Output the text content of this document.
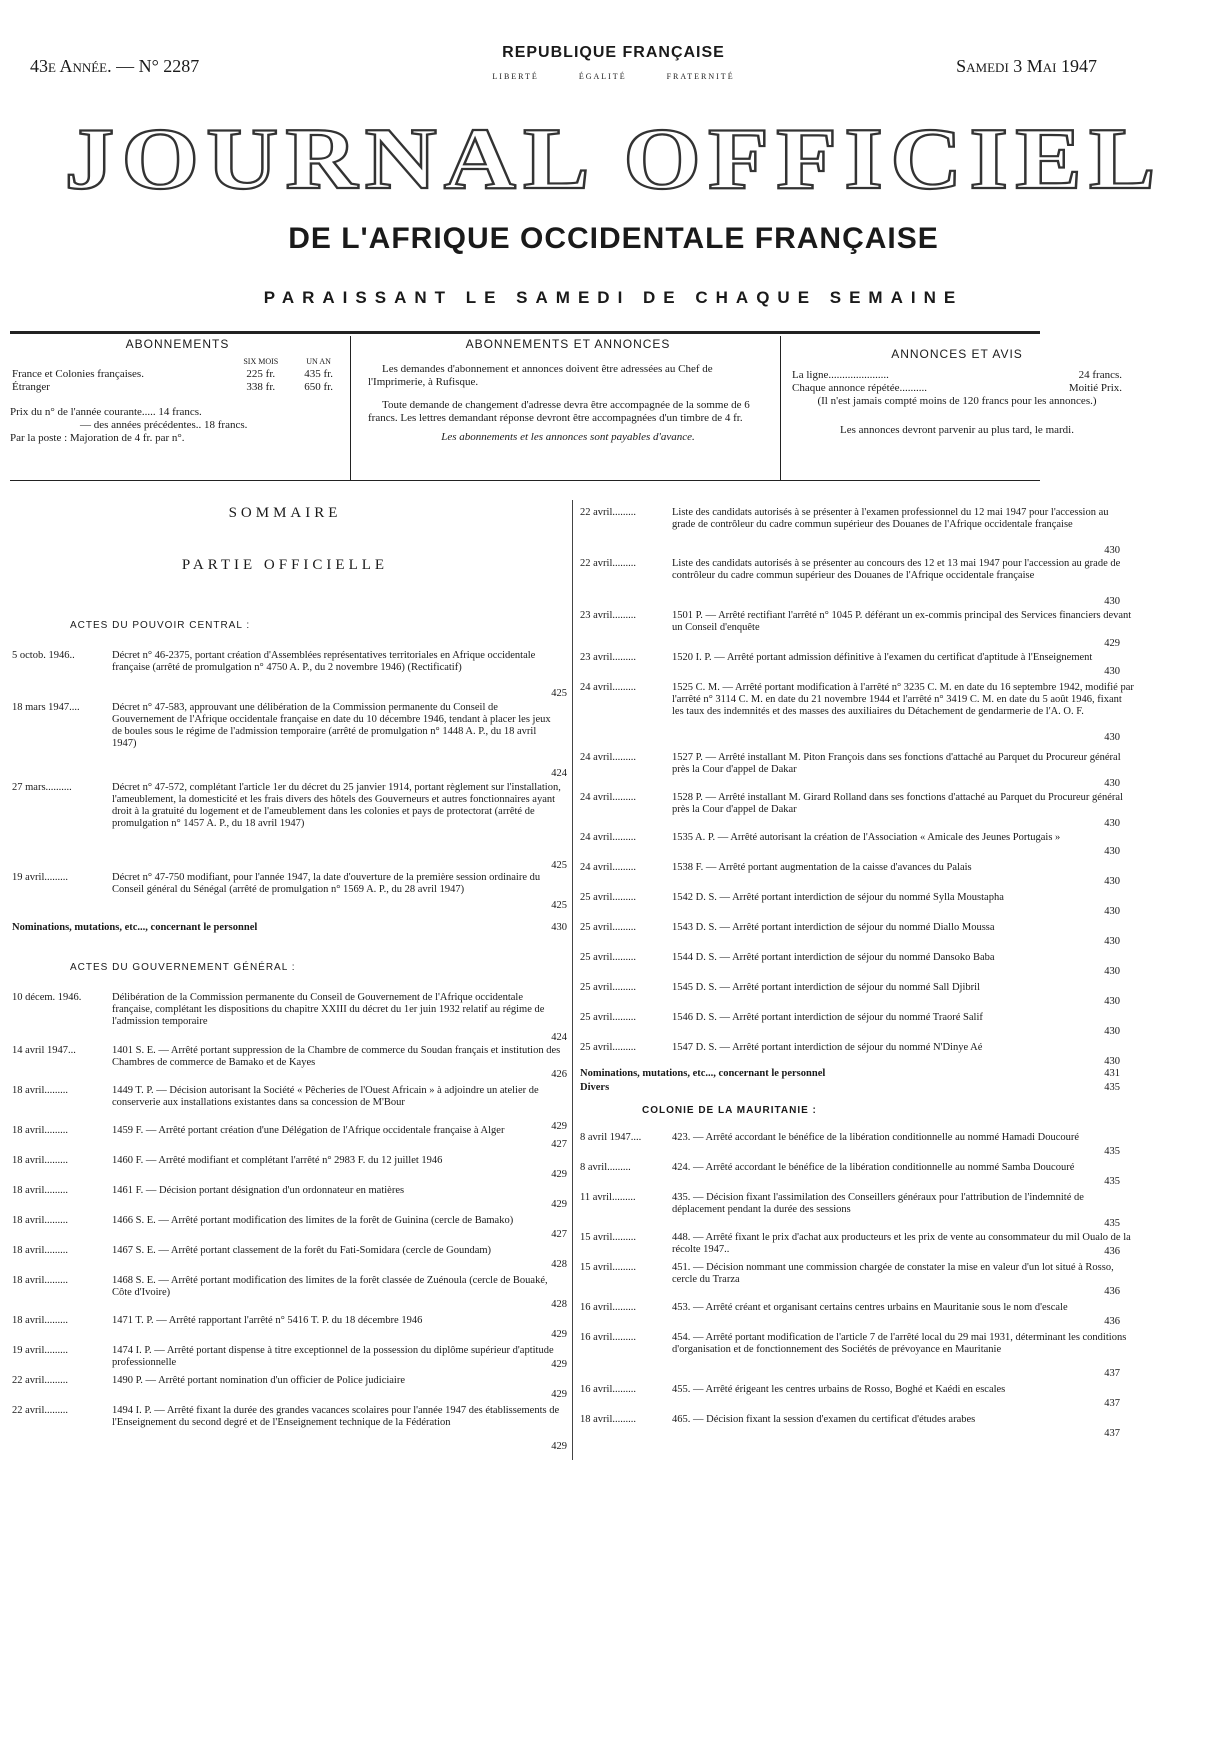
43e Année. — N° 2287
REPUBLIQUE FRANÇAISE
LIBERTÉ	ÉGALITÉ	FRATERNITÉ
Samedi 3 Mai 1947
JOURNAL OFFICIEL
DE L'AFRIQUE OCCIDENTALE FRANÇAISE
PARAISSANT LE SAMEDI DE CHAQUE SEMAINE
ABONNEMENTS
	SIX MOIS	UN AN
France et Colonies françaises.	225 fr.	435 fr.
Étranger	338 fr.	650 fr.
Prix du n° de l'année courante..... 14 francs.
— des années précédentes.. 18 francs.
Par la poste : Majoration de 4 fr. par n°.
ABONNEMENTS ET ANNONCES
Les demandes d'abonnement et annonces doivent être adressées au Chef de l'Imprimerie, à Rufisque.
Toute demande de changement d'adresse devra être accompagnée de la somme de 6 francs. Les lettres demandant réponse devront être accompagnées d'un timbre de 4 fr.
Les abonnements et les annonces sont payables d'avance.
ANNONCES ET AVIS
La ligne......................	24 francs.
Chaque annonce répétée..........	Moitié Prix.
(Il n'est jamais compté moins de 120 francs pour les annonces.)
Les annonces devront parvenir au plus tard, le mardi.
SOMMAIRE
PARTIE OFFICIELLE
ACTES DU POUVOIR CENTRAL :
ACTES DU GOUVERNEMENT GÉNÉRAL :
COLONIE DE LA MAURITANIE :
5 octob. 1946..	Décret n° 46-2375, portant création d'Assemblées représentatives territoriales en Afrique occidentale française (arrêté de promulgation n° 4750 A. P., du 2 novembre 1946) (Rectificatif)
425
18 mars 1947....	Décret n° 47-583, approuvant une délibération de la Commission permanente du Conseil de Gouvernement de l'Afrique occidentale française en date du 10 décembre 1946, tendant à placer les jeux de boules sous le régime de l'admission temporaire (arrêté de promulgation n° 1448 A. P., du 18 avril 1947)
424
27 mars..........	Décret n° 47-572, complétant l'article 1er du décret du 25 janvier 1914, portant règlement sur l'installation, l'ameublement, la domesticité et les frais divers des hôtels des Gouverneurs et autres fonctionnaires ayant droit à la gratuité du logement et de l'ameublement dans les colonies et pays de protectorat (arrêté de promulgation n° 1457 A. P., du 18 avril 1947)
425
19 avril.........	Décret n° 47-750 modifiant, pour l'année 1947, la date d'ouverture de la première session ordinaire du Conseil général du Sénégal (arrêté de promulgation n° 1569 A. P., du 28 avril 1947)
425
Nominations, mutations, etc..., concernant le personnel	430
10 décem. 1946.	Délibération de la Commission permanente du Conseil de Gouvernement de l'Afrique occidentale française, complétant les dispositions du chapitre XXIII du décret du 1er juin 1932 relatif au régime de l'admission temporaire
424
14 avril 1947...	1401 S. E. — Arrêté portant suppression de la Chambre de commerce du Soudan français et institution des Chambres de commerce de Bamako et de Kayes
426
18 avril.........	1449 T. P. — Décision autorisant la Société « Pêcheries de l'Ouest Africain » à adjoindre un atelier de conserverie aux installations existantes dans sa concession de M'Bour
429
18 avril.........	1459 F. — Arrêté portant création d'une Délégation de l'Afrique occidentale française à Alger
427
18 avril.........	1460 F. — Arrêté modifiant et complétant l'arrêté n° 2983 F. du 12 juillet 1946
429
18 avril.........	1461 F. — Décision portant désignation d'un ordonnateur en matières
429
18 avril.........	1466 S. E. — Arrêté portant modification des limites de la forêt de Guinina (cercle de Bamako)
427
18 avril.........	1467 S. E. — Arrêté portant classement de la forêt du Fati-Somidara (cercle de Goundam)
428
18 avril.........	1468 S. E. — Arrêté portant modification des limites de la forêt classée de Zuénoula (cercle de Bouaké, Côte d'Ivoire)
428
18 avril.........	1471 T. P. — Arrêté rapportant l'arrêté n° 5416 T. P. du 18 décembre 1946
429
19 avril.........	1474 I. P. — Arrêté portant dispense à titre exceptionnel de la possession du diplôme supérieur d'aptitude professionnelle	429
22 avril.........	1490 P. — Arrêté portant nomination d'un officier de Police judiciaire
429
22 avril.........	1494 I. P. — Arrêté fixant la durée des grandes vacances scolaires pour l'année 1947 des établissements de l'Enseignement du second degré et de l'Enseignement technique de la Fédération
429
22 avril.........	Liste des candidats autorisés à se présenter à l'examen professionnel du 12 mai 1947 pour l'accession au grade de contrôleur du cadre commun supérieur des Douanes de l'Afrique occidentale française
430
22 avril.........	Liste des candidats autorisés à se présenter au concours des 12 et 13 mai 1947 pour l'accession au grade de contrôleur du cadre commun supérieur des Douanes de l'Afrique occidentale française
430
23 avril.........	1501 P. — Arrêté rectifiant l'arrêté n° 1045 P. déférant un ex-commis principal des Services financiers devant un Conseil d'enquête
429
23 avril.........	1520 I. P. — Arrêté portant admission définitive à l'examen du certificat d'aptitude à l'Enseignement
430
24 avril.........	1525 C. M. — Arrêté portant modification à l'arrêté n° 3235 C. M. en date du 16 septembre 1942, modifié par l'arrêté n° 3114 C. M. en date du 21 novembre 1944 et l'arrêté n° 3419 C. M. en date du 5 août 1946, fixant les taux des indemnités et des masses des auxiliaires du Détachement de gendarmerie de l'A. O. F.
430
24 avril.........	1527 P. — Arrêté installant M. Piton François dans ses fonctions d'attaché au Parquet du Procureur général près la Cour d'appel de Dakar
430
24 avril.........	1528 P. — Arrêté installant M. Girard Rolland dans ses fonctions d'attaché au Parquet du Procureur général près la Cour d'appel de Dakar
430
24 avril.........	1535 A. P. — Arrêté autorisant la création de l'Association « Amicale des Jeunes Portugais »
430
24 avril.........	1538 F. — Arrêté portant augmentation de la caisse d'avances du Palais
430
25 avril.........	1542 D. S. — Arrêté portant interdiction de séjour du nommé Sylla Moustapha
430
25 avril.........	1543 D. S. — Arrêté portant interdiction de séjour du nommé Diallo Moussa
430
25 avril.........	1544 D. S. — Arrêté portant interdiction de séjour du nommé Dansoko Baba
430
25 avril.........	1545 D. S. — Arrêté portant interdiction de séjour du nommé Sall Djibril
430
25 avril.........	1546 D. S. — Arrêté portant interdiction de séjour du nommé Traoré Salif
430
25 avril.........	1547 D. S. — Arrêté portant interdiction de séjour du nommé N'Dinye Aé
430
Nominations, mutations, etc..., concernant le personnel	431
Divers	435
8 avril 1947....	423. — Arrêté accordant le bénéfice de la libération conditionnelle au nommé Hamadi Doucouré
435
8 avril.........	424. — Arrêté accordant le bénéfice de la libération conditionnelle au nommé Samba Doucouré
435
11 avril.........	435. — Décision fixant l'assimilation des Conseillers généraux pour l'attribution de l'indemnité de déplacement pendant la durée des sessions
435
15 avril.........	448. — Arrêté fixant le prix d'achat aux producteurs et les prix de vente au consommateur du mil Oualo de la récolte 1947..	436
15 avril.........	451. — Décision nommant une commission chargée de constater la mise en valeur d'un lot situé à Rosso, cercle du Trarza
436
16 avril.........	453. — Arrêté créant et organisant certains centres urbains en Mauritanie sous le nom d'escale
436
16 avril.........	454. — Arrêté portant modification de l'article 7 de l'arrêté local du 29 mai 1931, déterminant les conditions d'organisation et de fonctionnement des Sociétés de prévoyance en Mauritanie
437
16 avril.........	455. — Arrêté érigeant les centres urbains de Rosso, Boghé et Kaédi en escales
437
18 avril.........	465. — Décision fixant la session d'examen du certificat d'études arabes
437
